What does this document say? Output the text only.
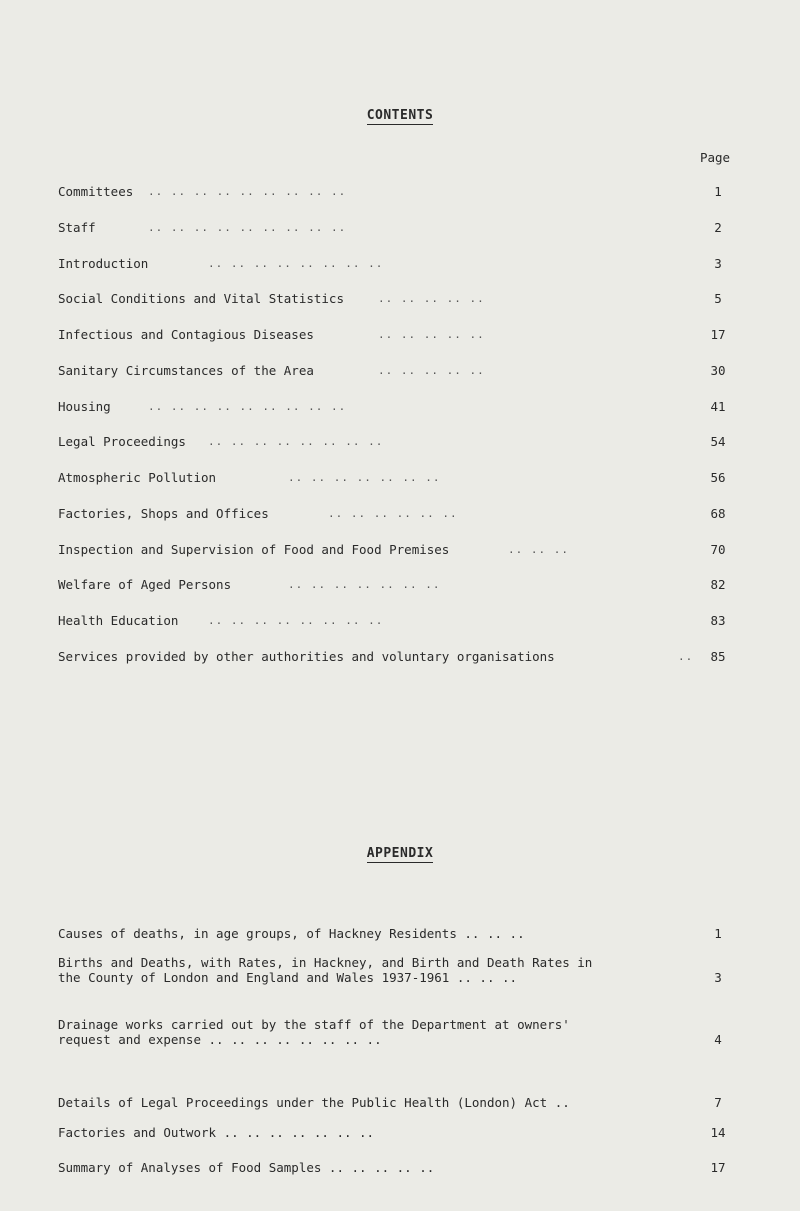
CONTENTS
Page
Committees .. .. .. .. .. .. .. .. ..	1
Staff	.. .. .. .. .. .. .. .. ..	2
Introduction	.. .. .. .. .. .. .. ..	3
Social Conditions and Vital Statistics	.. .. .. .. ..	5
Infectious and Contagious Diseases	.. .. .. .. ..	17
Sanitary Circumstances of the Area	.. .. .. .. ..	30
Housing	.. .. .. .. .. .. .. .. ..	41
Legal Proceedings .. .. .. .. .. .. .. ..	54
Atmospheric Pollution	.. .. .. .. .. .. ..	56
Factories, Shops and Offices	.. .. .. .. .. ..	68
Inspection and Supervision of Food and Food Premises	.. .. ..	70
Welfare of Aged Persons	.. .. .. .. .. .. ..	82
Health Education	.. .. .. .. .. .. .. ..	83
Services provided by other authorities and voluntary organisations	..	85
APPENDIX
Causes of deaths, in age groups, of Hackney Residents .. .. ..	1
Births and Deaths, with Rates, in Hackney, and Birth and Death Rates in
the County of London and England and Wales 1937-1961 .. .. ..	3
Drainage works carried out by the staff of the Department at owners'
request and expense .. .. .. .. .. .. .. ..	4
Details of Legal Proceedings under the Public Health (London) Act ..	7
Factories and Outwork .. .. .. .. .. .. ..	14
Summary of Analyses of Food Samples .. .. .. .. ..	17
